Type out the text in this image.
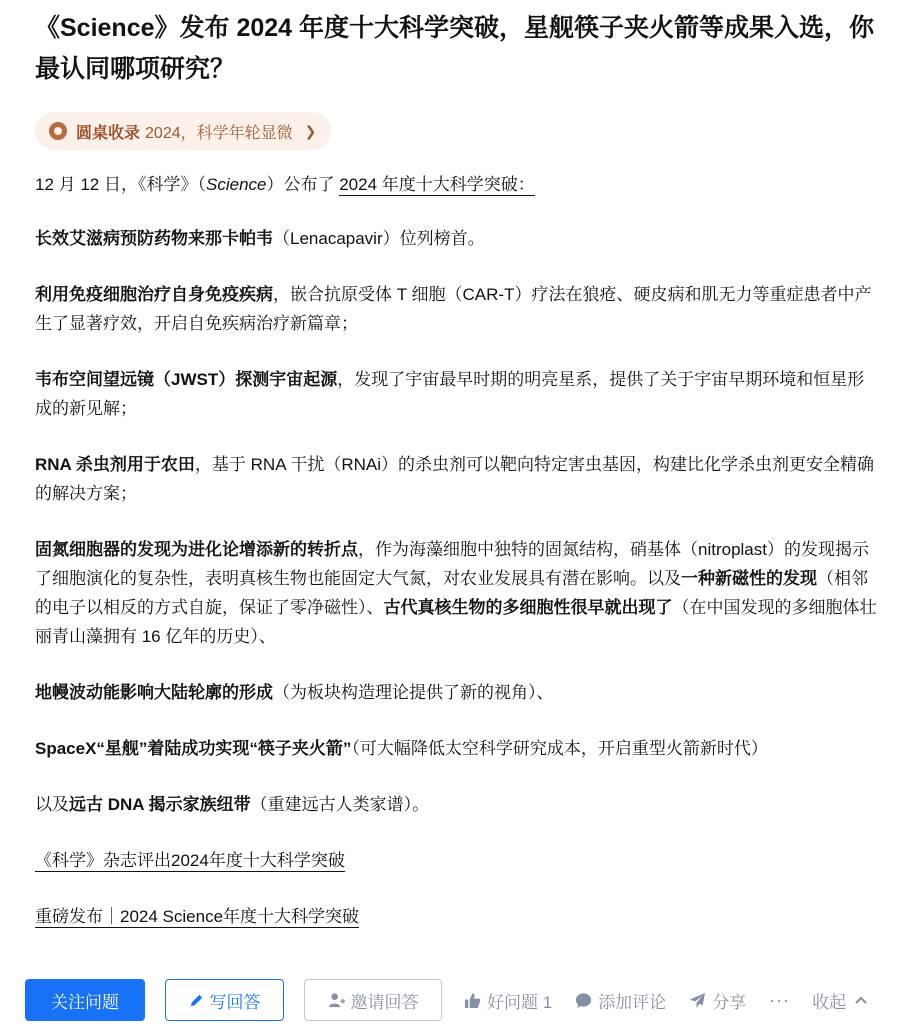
《Science》发布 2024 年度十大科学突破，星舰筷子夹火箭等成果入选，你最认同哪项研究？
圆桌收录 2024，科学年轮显微 ❯

12 月 12 日，《科学》（Science）公布了 2024 年度十大科学突破：

长效艾滋病预防药物来那卡帕韦（Lenacapavir）位列榜首。

利用免疫细胞治疗自身免疫疾病，嵌合抗原受体 T 细胞（CAR-T）疗法在狼疮、硬皮病和肌无力等重症患者中产生了显著疗效，开启自免疾病治疗新篇章；

韦布空间望远镜（JWST）探测宇宙起源，发现了宇宙最早时期的明亮星系，提供了关于宇宙早期环境和恒星形成的新见解；

RNA 杀虫剂用于农田，基于 RNA 干扰（RNAi）的杀虫剂可以靶向特定害虫基因，构建比化学杀虫剂更安全精确的解决方案；

固氮细胞器的发现为进化论增添新的转折点，作为海藻细胞中独特的固氮结构，硝基体（nitroplast）的发现揭示了细胞演化的复杂性，表明真核生物也能固定大气氮，对农业发展具有潜在影响。以及一种新磁性的发现（相邻的电子以相反的方式自旋，保证了零净磁性）、古代真核生物的多细胞性很早就出现了（在中国发现的多细胞体壮丽青山藻拥有 16 亿年的历史）、

地幔波动能影响大陆轮廓的形成（为板块构造理论提供了新的视角）、

SpaceX“星舰”着陆成功实现“筷子夹火箭”（可大幅降低太空科学研究成本，开启重型火箭新时代）

以及远古 DNA 揭示家族纽带（重建远古人类家谱）。

《科学》杂志评出2024年度十大科学突破

重磅发布｜2024 Science年度十大科学突破

关注问题	写回答	邀请回答	好问题 1	添加评论	分享 ··· 收起
